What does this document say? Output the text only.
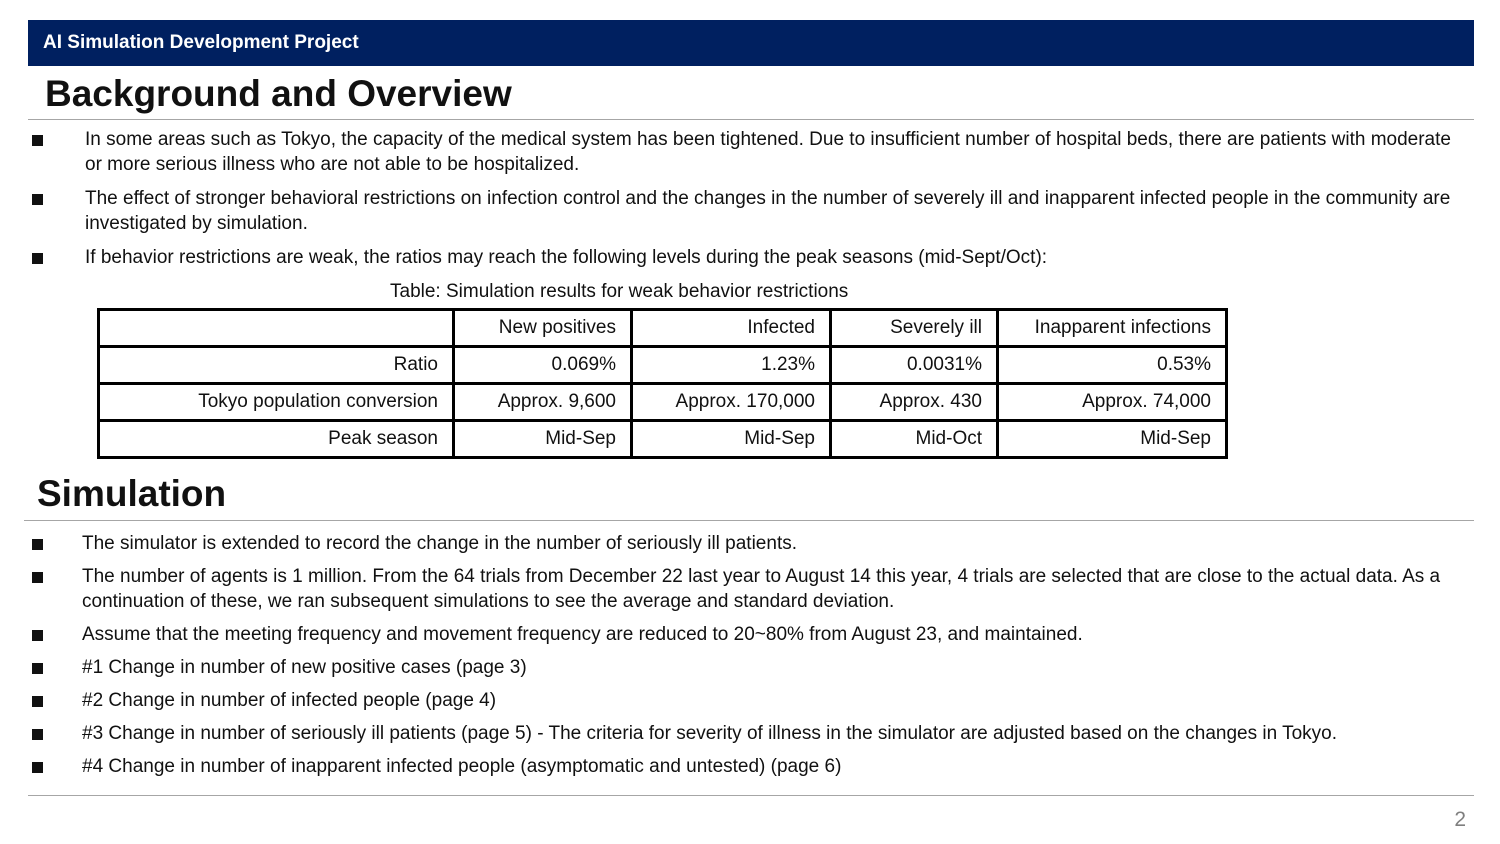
AI Simulation Development Project
Background and Overview
In some areas such as Tokyo, the capacity of the medical system has been tightened. Due to insufficient number of hospital beds, there are patients with moderate or more serious illness who are not able to be hospitalized.
The effect of stronger behavioral restrictions on infection control and the changes in the number of severely ill and inapparent infected people in the community are investigated by simulation.
If behavior restrictions are weak, the ratios may reach the following levels during the peak seasons (mid-Sept/Oct):
Table: Simulation results for weak behavior restrictions
	New positives	Infected	Severely ill	Inapparent infections
Ratio	0.069%	1.23%	0.0031%	0.53%
Tokyo population conversion	Approx. 9,600	Approx. 170,000	Approx. 430	Approx. 74,000
Peak season	Mid-Sep	Mid-Sep	Mid-Oct	Mid-Sep
Simulation
The simulator is extended to record the change in the number of seriously ill patients.
The number of agents is 1 million. From the 64 trials from December 22 last year to August 14 this year, 4 trials are selected that are close to the actual data. As a continuation of these, we ran subsequent simulations to see the average and standard deviation.
Assume that the meeting frequency and movement frequency are reduced to 20~80% from August 23, and maintained.
#1 Change in number of new positive cases (page 3)
#2 Change in number of infected people (page 4)
#3 Change in number of seriously ill patients (page 5) - The criteria for severity of illness in the simulator are adjusted based on the changes in Tokyo.
#4 Change in number of inapparent infected people (asymptomatic and untested) (page 6)
2
